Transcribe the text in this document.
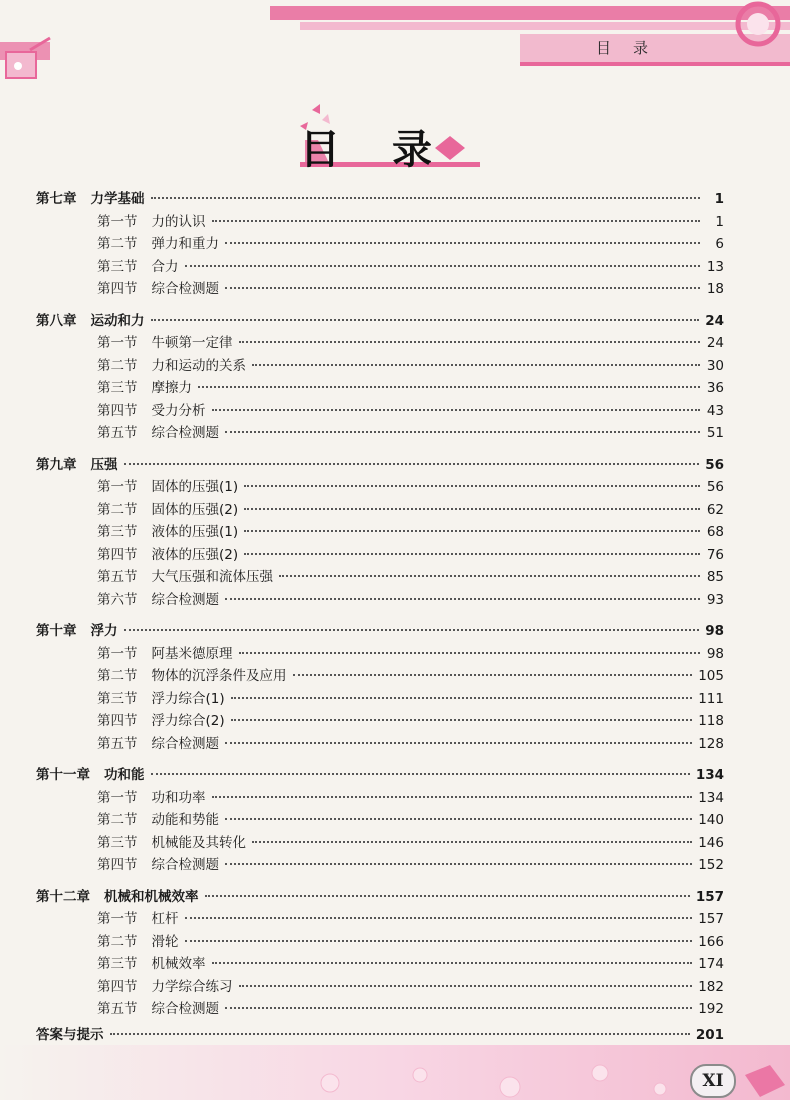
目录
目录
第七章 力学基础	1
第一节 力的认识	1
第二节 弹力和重力	6
第三节 合力	13
第四节 综合检测题	18
第八章 运动和力	24
第一节 牛顿第一定律	24
第二节 力和运动的关系	30
第三节 摩擦力	36
第四节 受力分析	43
第五节 综合检测题	51
第九章 压强	56
第一节 固体的压强(1)	56
第二节 固体的压强(2)	62
第三节 液体的压强(1)	68
第四节 液体的压强(2)	76
第五节 大气压强和流体压强	85
第六节 综合检测题	93
第十章 浮力	98
第一节 阿基米德原理	98
第二节 物体的沉浮条件及应用	105
第三节 浮力综合(1)	111
第四节 浮力综合(2)	118
第五节 综合检测题	128
第十一章 功和能	134
第一节 功和功率	134
第二节 动能和势能	140
第三节 机械能及其转化	146
第四节 综合检测题	152
第十二章 机械和机械效率	157
第一节 杠杆	157
第二节 滑轮	166
第三节 机械效率	174
第四节 力学综合练习	182
第五节 综合检测题	192
答案与提示	201
XI
